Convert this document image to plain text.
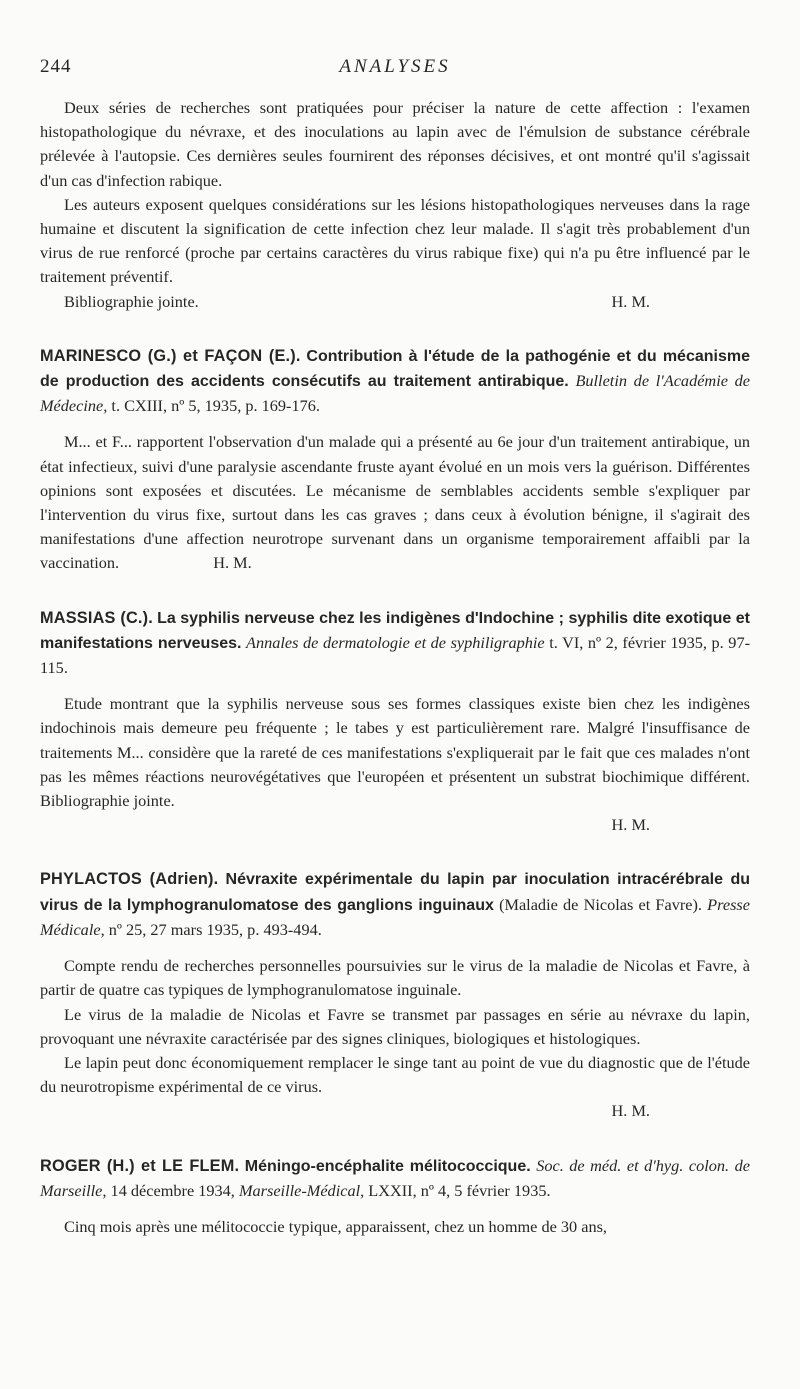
244	ANALYSES

Deux séries de recherches sont pratiquées pour préciser la nature de cette affection : l'examen histopathologique du névraxe, et des inoculations au lapin avec de l'émulsion de substance cérébrale prélevée à l'autopsie. Ces dernières seules fournirent des réponses décisives, et ont montré qu'il s'agissait d'un cas d'infection rabique.

Les auteurs exposent quelques considérations sur les lésions histopathologiques nerveuses dans la rage humaine et discutent la signification de cette infection chez leur malade. Il s'agit très probablement d'un virus de rue renforcé (proche par certains caractères du virus rabique fixe) qui n'a pu être influencé par le traitement préventif.

Bibliographie jointe.	H. M.

MARINESCO (G.) et FAÇON (E.). Contribution à l'étude de la pathogénie et du mécanisme de production des accidents consécutifs au traitement antirabique. Bulletin de l'Académie de Médecine, t. CXIII, nº 5, 1935, p. 169-176.

M... et F... rapportent l'observation d'un malade qui a présenté au 6e jour d'un traitement antirabique, un état infectieux, suivi d'une paralysie ascendante fruste ayant évolué en un mois vers la guérison. Différentes opinions sont exposées et discutées. Le mécanisme de semblables accidents semble s'expliquer par l'intervention du virus fixe, surtout dans les cas graves ; dans ceux à évolution bénigne, il s'agirait des manifestations d'une affection neurotrope survenant dans un organisme temporairement affaibli par la vaccination.	H. M.

MASSIAS (C.). La syphilis nerveuse chez les indigènes d'Indochine ; syphilis dite exotique et manifestations nerveuses. Annales de dermatologie et de syphiligraphie t. VI, nº 2, février 1935, p. 97-115.

Etude montrant que la syphilis nerveuse sous ses formes classiques existe bien chez les indigènes indochinois mais demeure peu fréquente ; le tabes y est particulièrement rare. Malgré l'insuffisance de traitements M... considère que la rareté de ces manifestations s'expliquerait par le fait que ces malades n'ont pas les mêmes réactions neurovégétatives que l'européen et présentent un substrat biochimique différent. Bibliographie jointe.

H. M.

PHYLACTOS (Adrien). Névraxite expérimentale du lapin par inoculation intracérébrale du virus de la lymphogranulomatose des ganglions inguinaux (Maladie de Nicolas et Favre). Presse Médicale, nº 25, 27 mars 1935, p. 493-494.

Compte rendu de recherches personnelles poursuivies sur le virus de la maladie de Nicolas et Favre, à partir de quatre cas typiques de lymphogranulomatose inguinale.

Le virus de la maladie de Nicolas et Favre se transmet par passages en série au névraxe du lapin, provoquant une névraxite caractérisée par des signes cliniques, biologiques et histologiques.

Le lapin peut donc économiquement remplacer le singe tant au point de vue du diagnostic que de l'étude du neurotropisme expérimental de ce virus.

H. M.

ROGER (H.) et LE FLEM. Méningo-encéphalite mélitococcique. Soc. de méd. et d'hyg. colon. de Marseille, 14 décembre 1934, Marseille-Médical, LXXII, nº 4, 5 février 1935.

Cinq mois après une mélitococcie typique, apparaissent, chez un homme de 30 ans,
